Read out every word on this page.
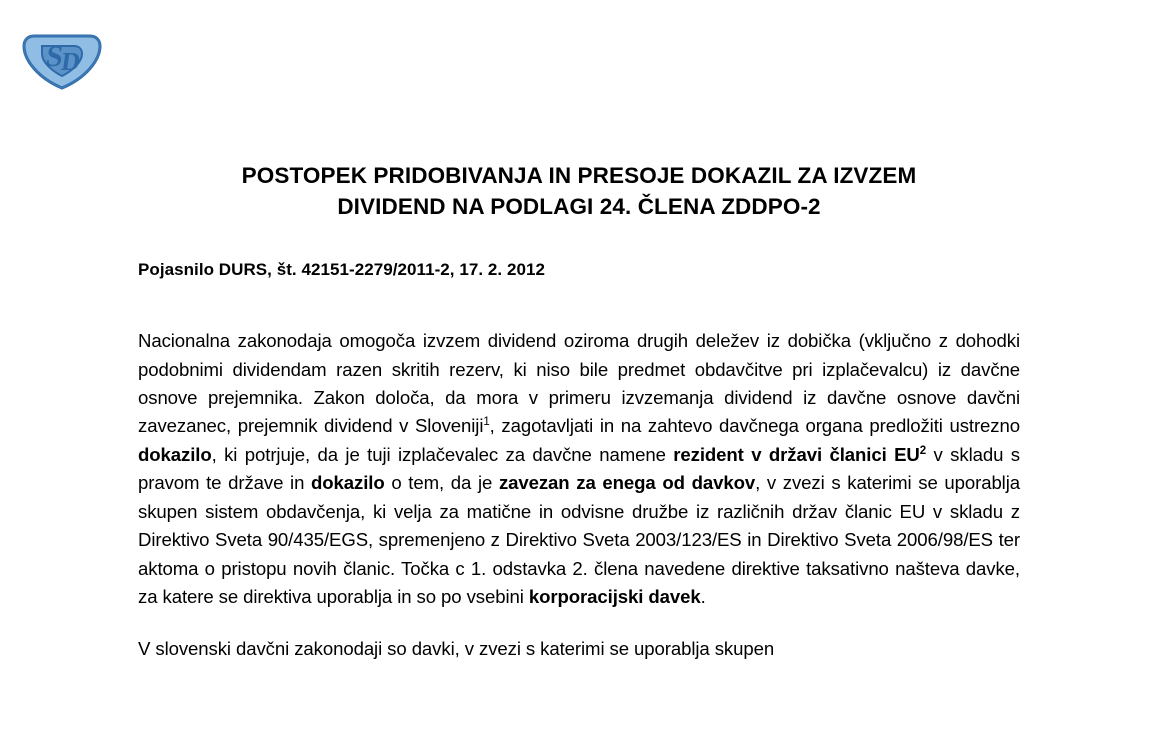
S
D
POSTOPEK PRIDOBIVANJA IN PRESOJE DOKAZIL ZA IZVZEM
DIVIDEND NA PODLAGI 24. ČLENA ZDDPO-2
Pojasnilo DURS, št. 42151-2279/2011-2, 17. 2. 2012

Nacionalna zakonodaja omogoča izvzem dividend oziroma drugih deležev iz dobička (vključno z dohodki podobnimi dividendam razen skritih rezerv, ki niso bile predmet obdavčitve pri izplačevalcu) iz davčne osnove prejemnika. Zakon določa, da mora v primeru izvzemanja dividend iz davčne osnove davčni zavezanec, prejemnik dividend v Sloveniji$^1$, zagotavljati in na zahtevo davčnega organa predložiti ustrezno dokazilo, ki potrjuje, da je tuji izplačevalec za davčne namene rezident v državi članici $EU^2$ v skladu s pravom te države in dokazilo o tem, da je zavezan za enega od davkov, v zvezi s katerimi se uporablja skupen sistem obdavčenja, ki velja za matične in odvisne družbe iz različnih držav članic EU v skladu z Direktivo Sveta 90/435/EGS, spremenjeno z Direktivo Sveta 2003/123/ES in Direktivo Sveta 2006/98/ES ter aktoma o pristopu novih članic. Točka c 1. odstavka 2. člena navedene direktive taksativno našteva davke, za katere se direktiva uporablja in so po vsebini korporacijski davek.

V slovenski davčni zakonodaji so davki, v zvezi s katerimi se uporablja skupen
